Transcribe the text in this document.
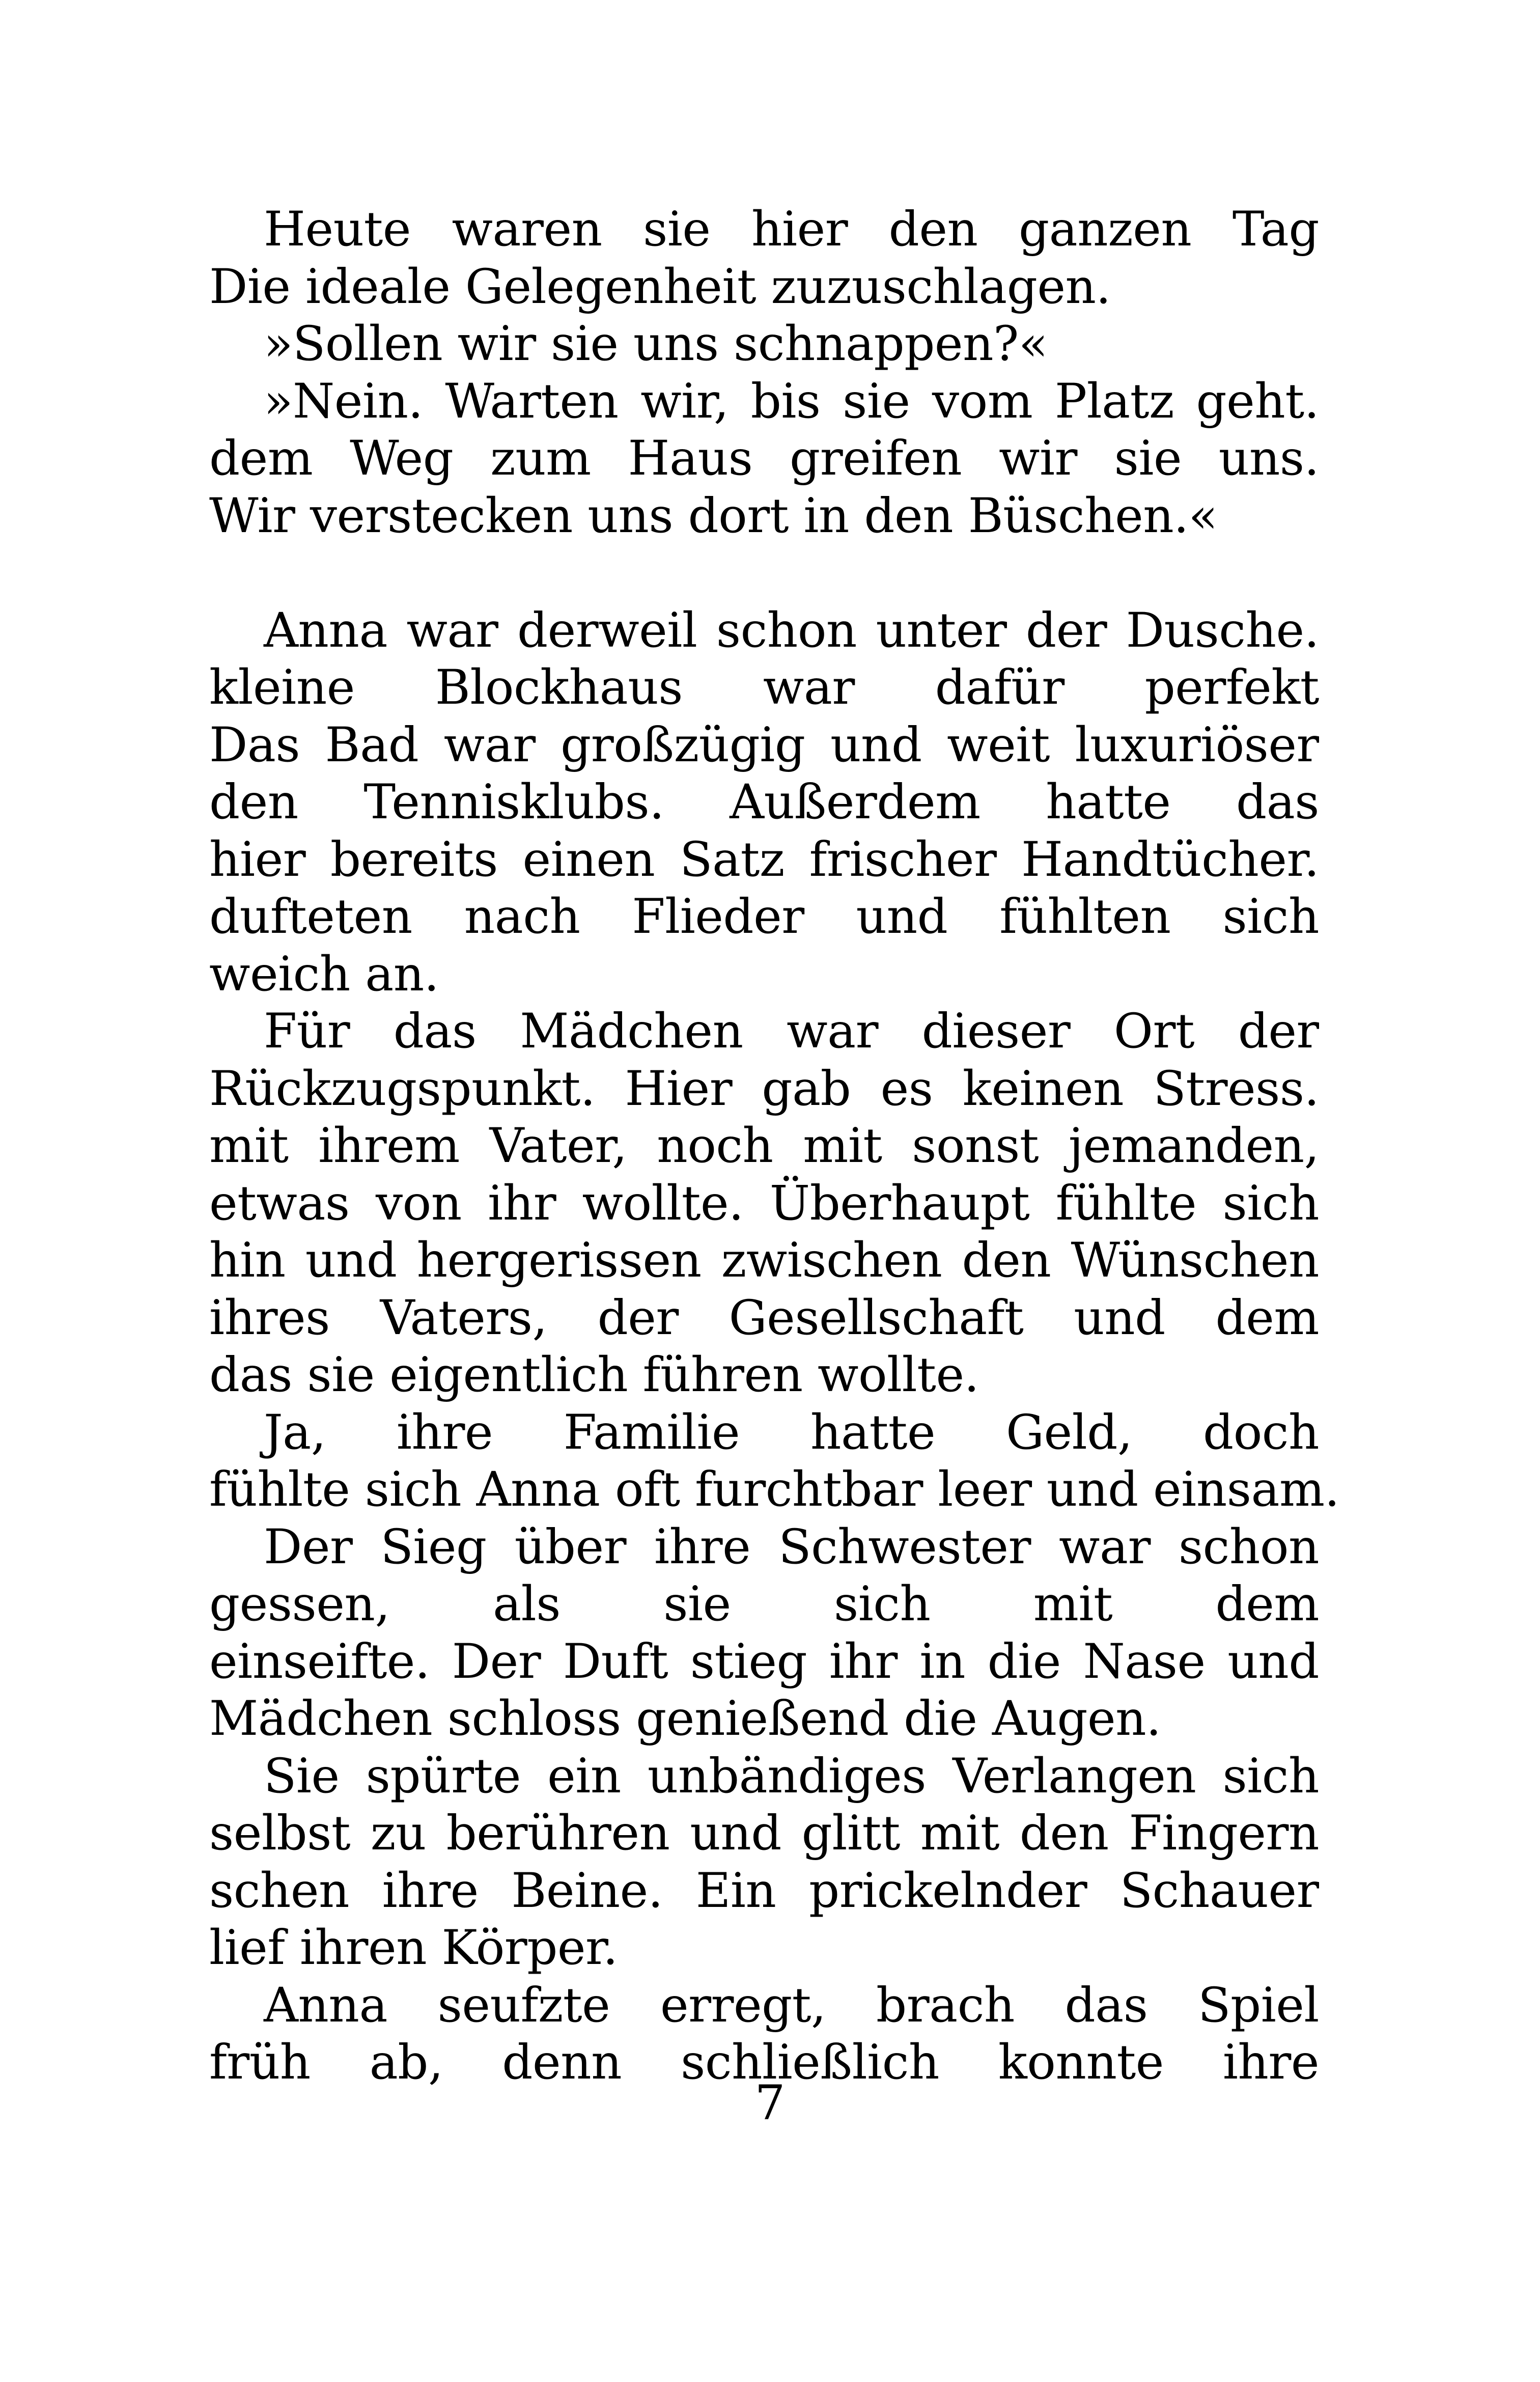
Heute waren sie hier den ganzen Tag
Die ideale Gelegenheit zuzuschlagen.
»Sollen wir sie uns schnappen?«
»Nein. Warten wir, bis sie vom Platz geht.
dem Weg zum Haus greifen wir sie uns.
Wir verstecken uns dort in den Büschen.«
Anna war derweil schon unter der Dusche.
kleine Blockhaus war dafür perfekt
Das Bad war großzügig und weit luxuriöser
den Tennisklubs. Außerdem hatte das
hier bereits einen Satz frischer Handtücher.
dufteten nach Flieder und fühlten sich
weich an.
Für das Mädchen war dieser Ort der
Rückzugspunkt. Hier gab es keinen Stress.
mit ihrem Vater, noch mit sonst jemanden,
etwas von ihr wollte. Überhaupt fühlte sich
hin und hergerissen zwischen den Wünschen
ihres Vaters, der Gesellschaft und dem
das sie eigentlich führen wollte.
Ja, ihre Familie hatte Geld, doch
fühlte sich Anna oft furchtbar leer und einsam.
Der Sieg über ihre Schwester war schon
gessen, als sie sich mit dem
einseifte. Der Duft stieg ihr in die Nase und
Mädchen schloss genießend die Augen.
Sie spürte ein unbändiges Verlangen sich
selbst zu berühren und glitt mit den Fingern
schen ihre Beine. Ein prickelnder Schauer
lief ihren Körper.
Anna seufzte erregt, brach das Spiel
früh ab, denn schließlich konnte ihre
7
